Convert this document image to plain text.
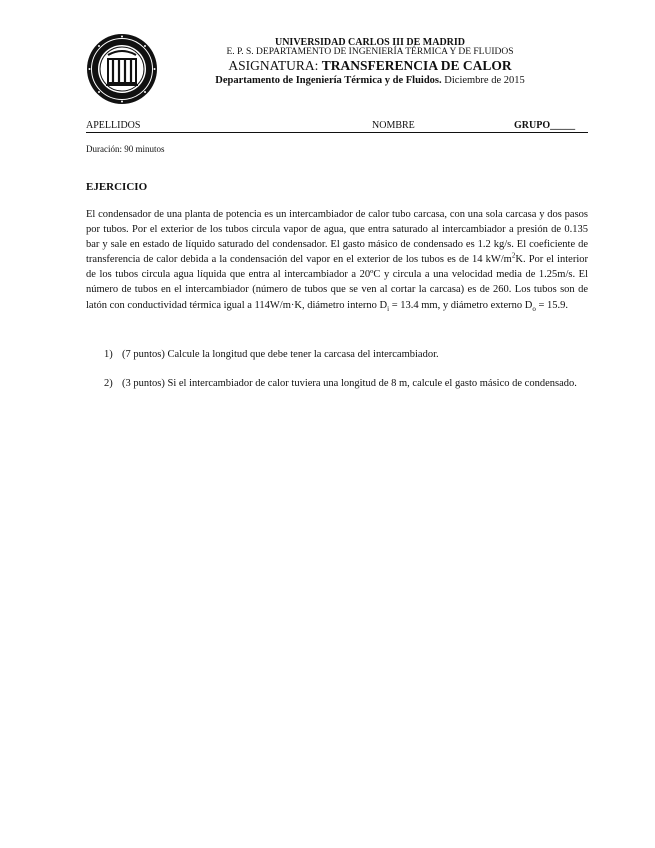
UNIVERSIDAD CARLOS III DE MADRID
E. P. S. DEPARTAMENTO DE INGENIERÍA TÉRMICA Y DE FLUIDOS
ASIGNATURA: TRANSFERENCIA DE CALOR
Departamento de Ingeniería Térmica y de Fluidos. Diciembre de 2015
APELLIDOS	NOMBRE	GRUPO_____
Duración: 90 minutos
EJERCICIO

El condensador de una planta de potencia es un intercambiador de calor tubo carcasa, con una sola carcasa y dos pasos por tubos. Por el exterior de los tubos circula vapor de agua, que entra saturado al intercambiador a presión de 0.135 bar y sale en estado de líquido saturado del condensador. El gasto másico de condensado es 1.2 kg/s. El coeficiente de transferencia de calor debida a la condensación del vapor en el exterior de los tubos es de 14 $kW/m^2K$. Por el interior de los tubos circula agua líquida que entra al intercambiador a 20ºC y circula a una velocidad media de 1.25m/s. El número de tubos en el intercambiador (número de tubos que se ven al cortar la carcasa) es de 260. Los tubos son de latón con conductividad térmica igual a 114W/m·K, diámetro interno $D_i = 13.4$ mm, y diámetro externo $D_o = 15.9$.

1) (7 puntos) Calcule la longitud que debe tener la carcasa del intercambiador.
2) (3 puntos) Si el intercambiador de calor tuviera una longitud de 8 m, calcule el gasto másico de condensado.
